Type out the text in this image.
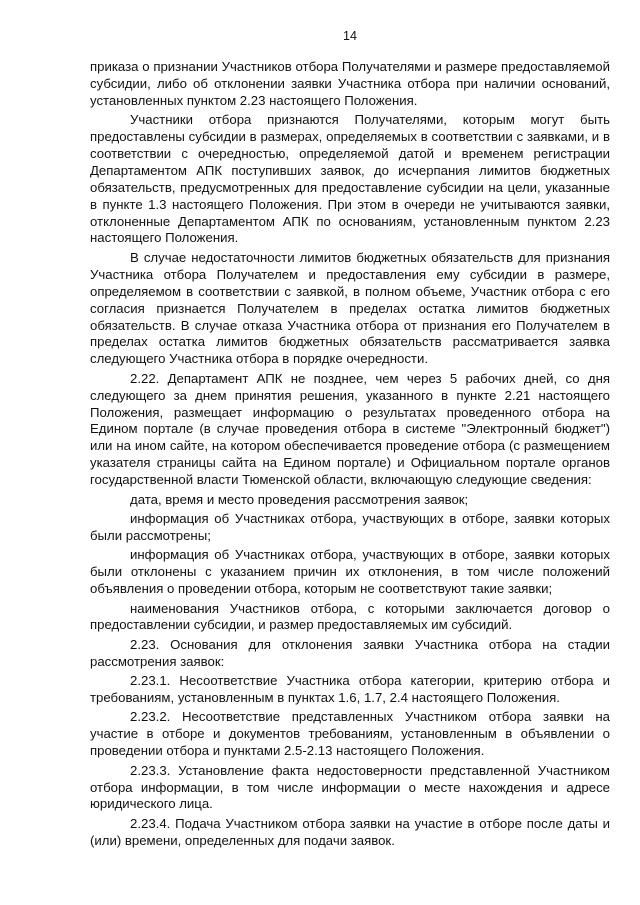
14

приказа о признании Участников отбора Получателями и размере предоставляемой субсидии, либо об отклонении заявки Участника отбора при наличии оснований, установленных пунктом 2.23 настоящего Положения.

Участники отбора признаются Получателями, которым могут быть предоставлены субсидии в размерах, определяемых в соответствии с заявками, и в соответствии с очередностью, определяемой датой и временем регистрации Департаментом АПК поступивших заявок, до исчерпания лимитов бюджетных обязательств, предусмотренных для предоставление субсидии на цели, указанные в пункте 1.3 настоящего Положения. При этом в очереди не учитываются заявки, отклоненные Департаментом АПК по основаниям, установленным пунктом 2.23 настоящего Положения.

В случае недостаточности лимитов бюджетных обязательств для признания Участника отбора Получателем и предоставления ему субсидии в размере, определяемом в соответствии с заявкой, в полном объеме, Участник отбора с его согласия признается Получателем в пределах остатка лимитов бюджетных обязательств. В случае отказа Участника отбора от признания его Получателем в пределах остатка лимитов бюджетных обязательств рассматривается заявка следующего Участника отбора в порядке очередности.

2.22. Департамент АПК не позднее, чем через 5 рабочих дней, со дня следующего за днем принятия решения, указанного в пункте 2.21 настоящего Положения, размещает информацию о результатах проведенного отбора на Едином портале (в случае проведения отбора в системе "Электронный бюджет") или на ином сайте, на котором обеспечивается проведение отбора (с размещением указателя страницы сайта на Едином портале) и Официальном портале органов государственной власти Тюменской области, включающую следующие сведения:

дата, время и место проведения рассмотрения заявок;

информация об Участниках отбора, участвующих в отборе, заявки которых были рассмотрены;

информация об Участниках отбора, участвующих в отборе, заявки которых были отклонены с указанием причин их отклонения, в том числе положений объявления о проведении отбора, которым не соответствуют такие заявки;

наименования Участников отбора, с которыми заключается договор о предоставлении субсидии, и размер предоставляемых им субсидий.

2.23. Основания для отклонения заявки Участника отбора на стадии рассмотрения заявок:

2.23.1. Несоответствие Участника отбора категории, критерию отбора и требованиям, установленным в пунктах 1.6, 1.7, 2.4 настоящего Положения.

2.23.2. Несоответствие представленных Участником отбора заявки на участие в отборе и документов требованиям, установленным в объявлении о проведении отбора и пунктами 2.5-2.13 настоящего Положения.

2.23.3. Установление факта недостоверности представленной Участником отбора информации, в том числе информации о месте нахождения и адресе юридического лица.

2.23.4. Подача Участником отбора заявки на участие в отборе после даты и (или) времени, определенных для подачи заявок.
